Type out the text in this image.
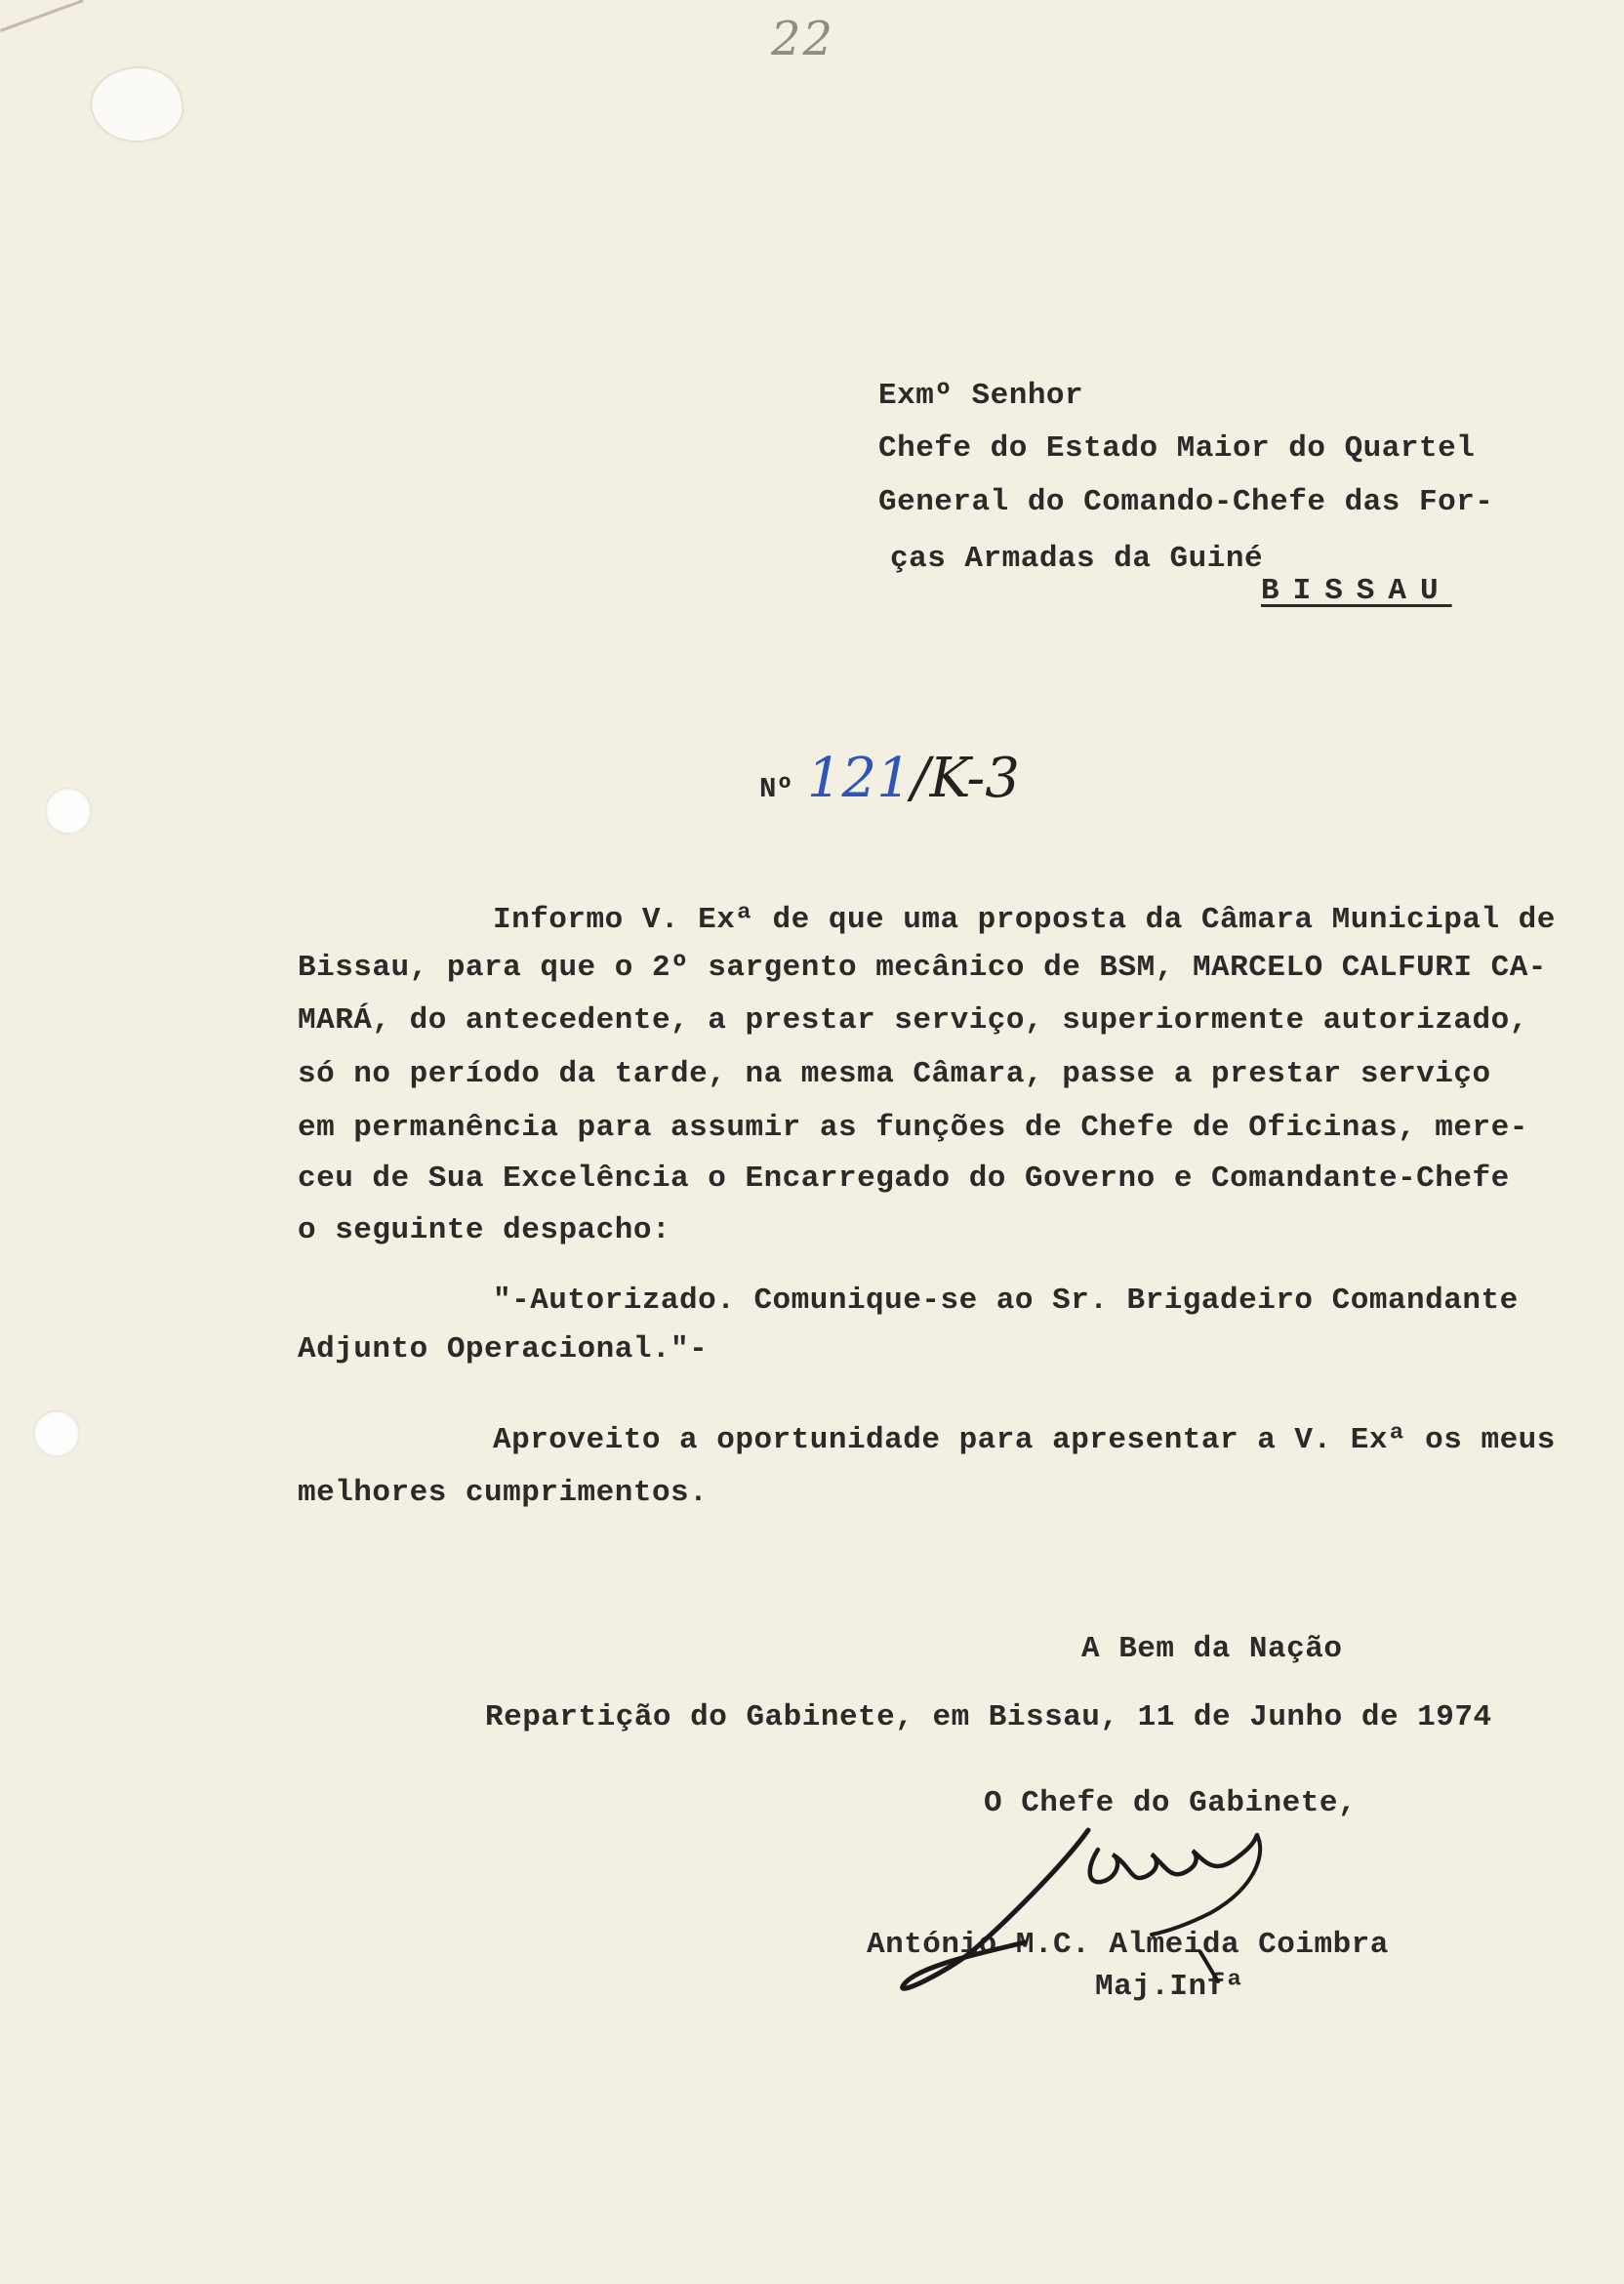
22
Exmº Senhor
Chefe do Estado Maior do Quartel
General do Comando-Chefe das For-
ças Armadas da Guiné
BISSAU
Nº 121/K-3
Informo V. Exª de que uma proposta da Câmara Municipal de
Bissau, para que o 2º sargento mecânico de BSM, MARCELO CALFURI CA-
MARÁ, do antecedente, a prestar serviço, superiormente autorizado,
só no período da tarde, na mesma Câmara, passe a prestar serviço
em permanência para assumir as funções de Chefe de Oficinas, mere-
ceu de Sua Excelência o Encarregado do Governo e Comandante-Chefe
o seguinte despacho:
"-Autorizado. Comunique-se ao Sr. Brigadeiro Comandante
Adjunto Operacional."-
Aproveito a oportunidade para apresentar a V. Exª os meus
melhores cumprimentos.
A Bem da Nação
Repartição do Gabinete, em Bissau, 11 de Junho de 1974
O Chefe do Gabinete,
António M.C. Almeida Coimbra
Maj.Infª
